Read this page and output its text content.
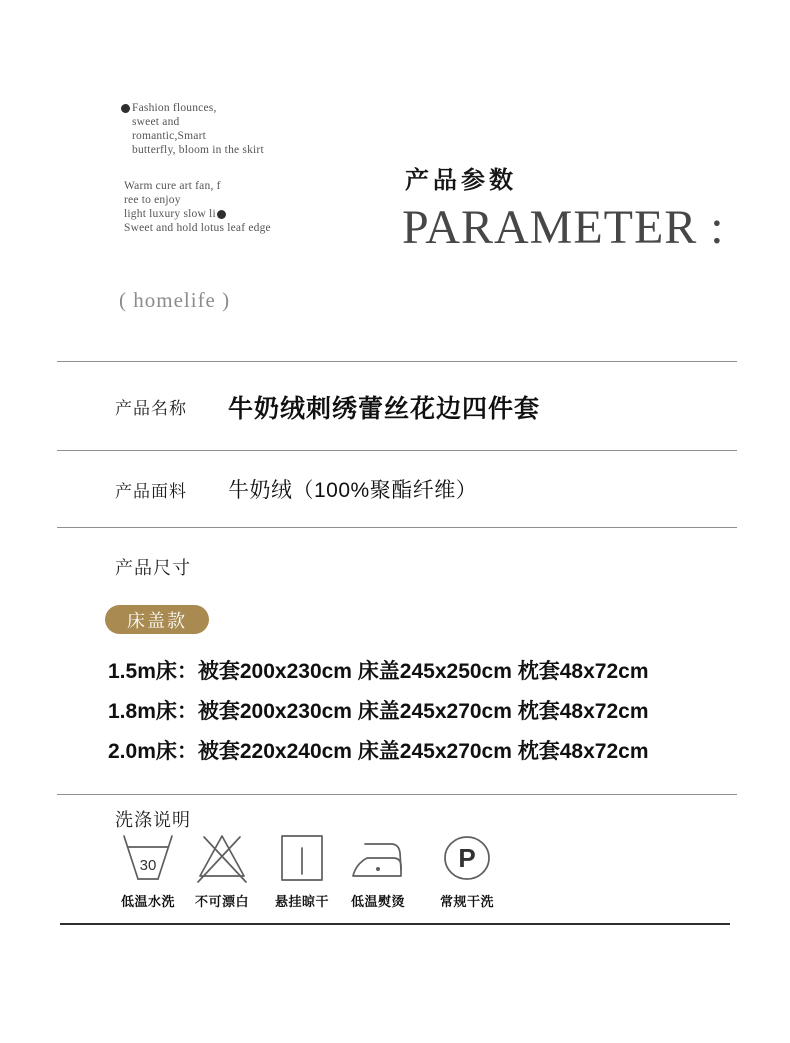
Fashion flounces,
sweet and
romantic,Smart
butterfly, bloom in the skirt
Warm cure art fan, f
ree to enjoy
light luxury slow li
Sweet and hold lotus leaf edge
( homelife )
产品参数
PARAMETER :
产品名称 牛奶绒刺绣蕾丝花边四件套
产品面料 牛奶绒（100%聚酯纤维）
产品尺寸
床盖款
1.5m床：被套200x230cm 床盖245x250cm 枕套48x72cm
1.8m床：被套200x230cm 床盖245x270cm 枕套48x72cm
2.0m床：被套220x240cm 床盖245x270cm 枕套48x72cm
洗涤说明
30
低温水洗 不可漂白 悬挂晾干 低温熨烫
P
常规干洗
